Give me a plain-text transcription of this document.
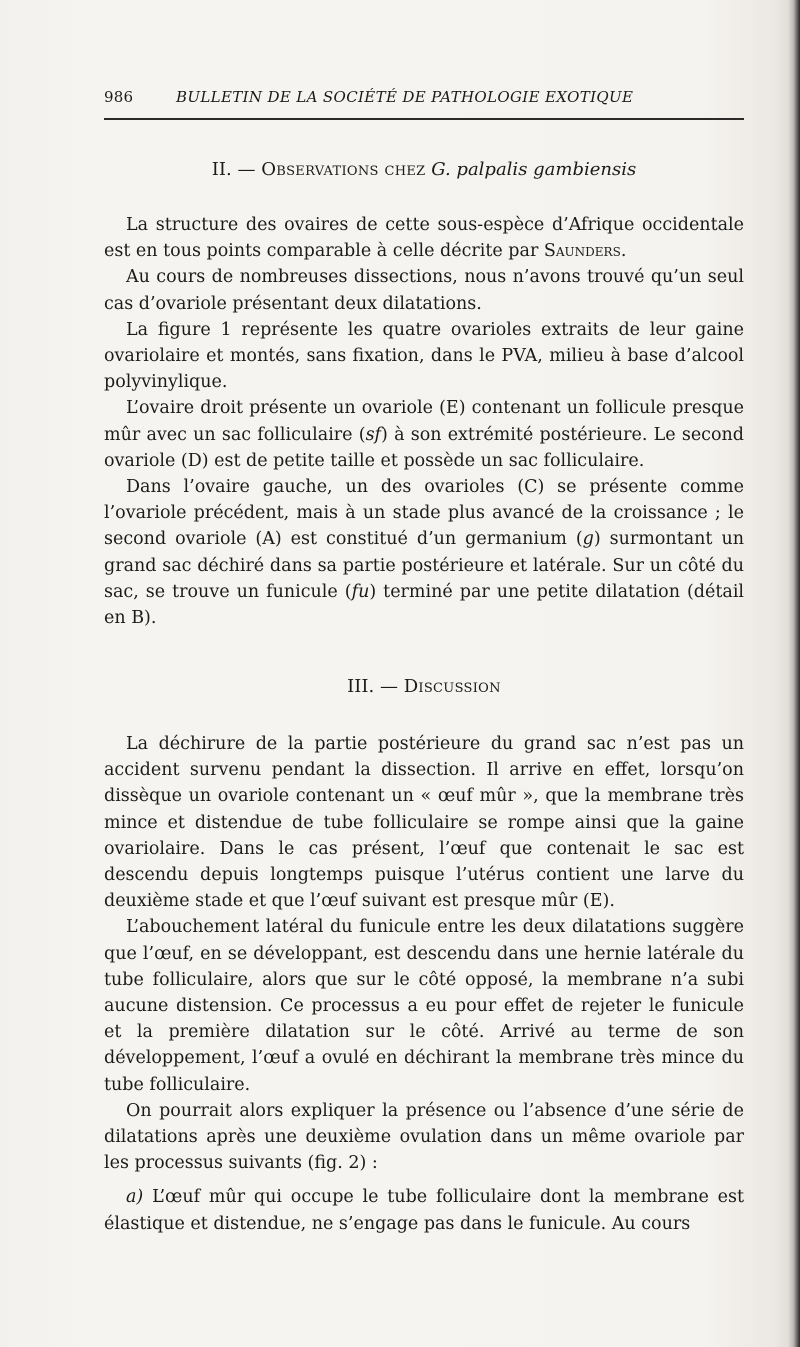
986	BULLETIN DE LA SOCIÉTÉ DE PATHOLOGIE EXOTIQUE
II. — Observations chez G. palpalis gambiensis

La structure des ovaires de cette sous-espèce d’Afrique occidentale est en tous points comparable à celle décrite par Saunders.

Au cours de nombreuses dissections, nous n’avons trouvé qu’un seul cas d’ovariole présentant deux dilatations.

La figure 1 représente les quatre ovarioles extraits de leur gaine ovariolaire et montés, sans fixation, dans le PVA, milieu à base d’alcool polyvinylique.

L’ovaire droit présente un ovariole (E) contenant un follicule presque mûr avec un sac folliculaire (sf) à son extrémité postérieure. Le second ovariole (D) est de petite taille et possède un sac folliculaire.

Dans l’ovaire gauche, un des ovarioles (C) se présente comme l’ovariole précédent, mais à un stade plus avancé de la croissance ; le second ovariole (A) est constitué d’un germanium (g) surmontant un grand sac déchiré dans sa partie postérieure et latérale. Sur un côté du sac, se trouve un funicule (fu) terminé par une petite dilatation (détail en B).

III. — Discussion

La déchirure de la partie postérieure du grand sac n’est pas un accident survenu pendant la dissection. Il arrive en effet, lorsqu’on dissèque un ovariole contenant un « œuf mûr », que la membrane très mince et distendue de tube folliculaire se rompe ainsi que la gaine ovariolaire. Dans le cas présent, l’œuf que contenait le sac est descendu depuis longtemps puisque l’utérus contient une larve du deuxième stade et que l’œuf suivant est presque mûr (E).

L’abouchement latéral du funicule entre les deux dilatations suggère que l’œuf, en se développant, est descendu dans une hernie latérale du tube folliculaire, alors que sur le côté opposé, la membrane n’a subi aucune distension. Ce processus a eu pour effet de rejeter le funicule et la première dilatation sur le côté. Arrivé au terme de son développement, l’œuf a ovulé en déchirant la membrane très mince du tube folliculaire.

On pourrait alors expliquer la présence ou l’absence d’une série de dilatations après une deuxième ovulation dans un même ovariole par les processus suivants (fig. 2) :

a) L’œuf mûr qui occupe le tube folliculaire dont la membrane est élastique et distendue, ne s’engage pas dans le funicule. Au cours
